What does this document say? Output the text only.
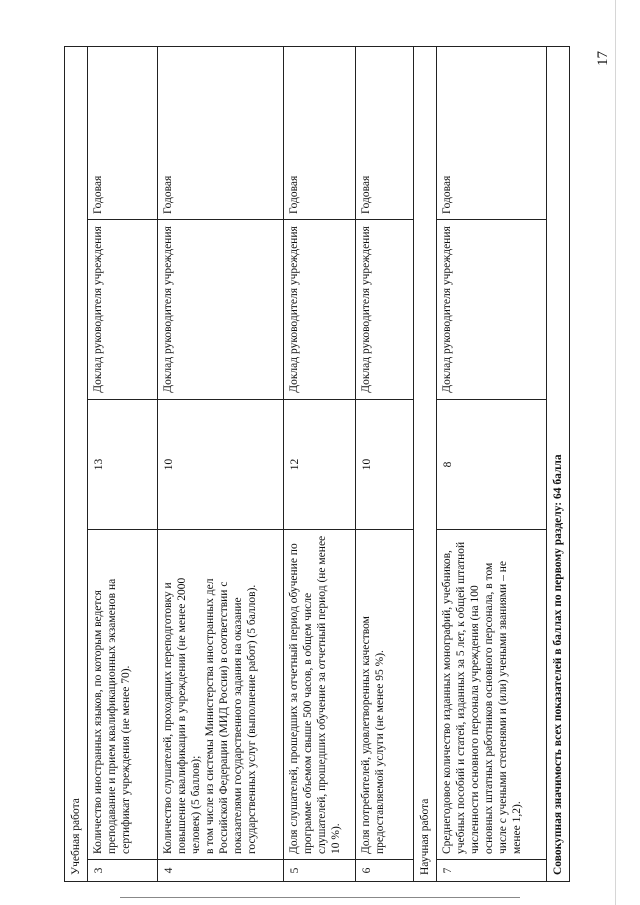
17
Учебная работа				
3	Количество иностранных языков, по которым ведется преподавание и прием квалификационных экзаменов на сертификат учреждения (не менее 70).	13	Доклад руководителя учреждения	Годовая
4	Количество слушателей, проходящих переподготовку и повышение квалификации в учреждении (не менее 2000 человек) (5 баллов);
в том числе из системы Министерства иностранных дел Российской Федерации (МИД России) в соответствии с показателями государственного задания на оказание государственных услуг (выполнение работ) (5 баллов).	10	Доклад руководителя учреждения	Годовая
5	Доля слушателей, прошедших за отчетный период обучение по программе объемом свыше 500 часов, в общем числе слушателей, прошедших обучение за отчетный период (не менее 10 %).	12	Доклад руководителя учреждения	Годовая
6	Доля потребителей, удовлетворенных качеством предоставляемой услуги (не менее 95 %).	10	Доклад руководителя учреждения	Годовая
Научная работа				
7	Среднегодовое количество изданных монографий, учебников, учебных пособий и статей, изданных за 5 лет, к общей штатной численности основного персонала учреждения (на 100 основных штатных работников основного персонала, в том числе с учеными степенями и (или) учеными званиями – не менее 1,2).	8	Доклад руководителя учреждения	Годовая
Совокупная значимость всех показателей в баллах по первому разделу: 64 балла				
